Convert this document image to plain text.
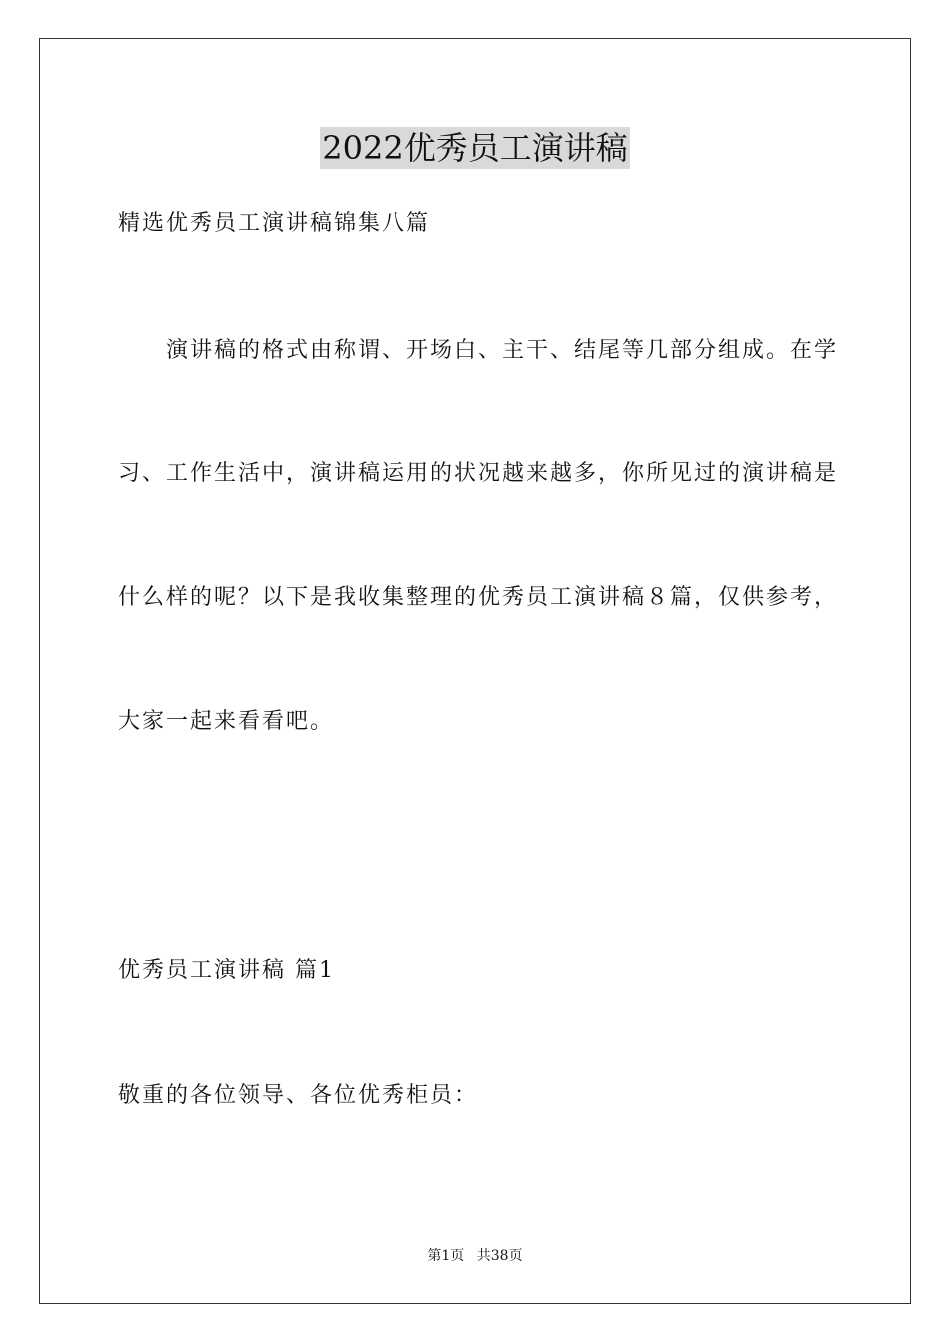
2022优秀员工演讲稿
精选优秀员工演讲稿锦集八篇
演讲稿的格式由称谓、开场白、主干、结尾等几部分组成。在学
习、工作生活中，演讲稿运用的状况越来越多，你所见过的演讲稿是
什么样的呢？以下是我收集整理的优秀员工演讲稿８篇，仅供参考，
大家一起来看看吧。
优秀员工演讲稿 篇1
敬重的各位领导、各位优秀柜员：
第1页 共38页
